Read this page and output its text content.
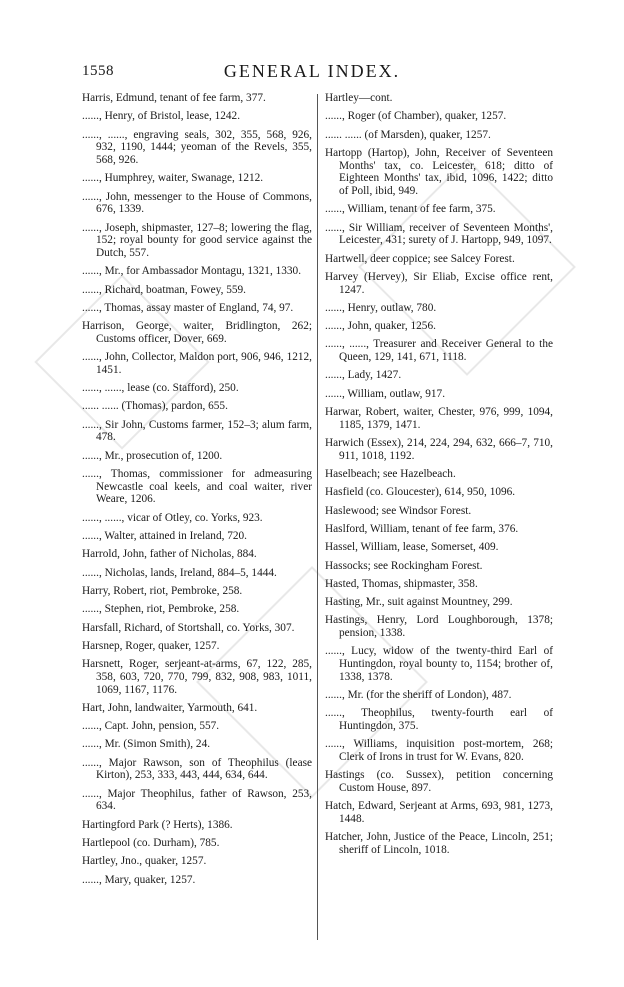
1558	GENERAL INDEX.

Harris, Edmund, tenant of fee farm, 377.

......, Henry, of Bristol, lease, 1242.

......, ......, engraving seals, 302, 355, 568, 926, 932, 1190, 1444; yeoman of the Revels, 355, 568, 926.

......, Humphrey, waiter, Swanage, 1212.

......, John, messenger to the House of Commons, 676, 1339.

......, Joseph, shipmaster, 127–8; lowering the flag, 152; royal bounty for good service against the Dutch, 557.

......, Mr., for Ambassador Montagu, 1321, 1330.

......, Richard, boatman, Fowey, 559.

......, Thomas, assay master of England, 74, 97.

Harrison, George, waiter, Bridlington, 262; Customs officer, Dover, 669.

......, John, Collector, Maldon port, 906, 946, 1212, 1451.

......, ......, lease (co. Stafford), 250.

...... ...... (Thomas), pardon, 655.

......, Sir John, Customs farmer, 152–3; alum farm, 478.

......, Mr., prosecution of, 1200.

......, Thomas, commissioner for admeasuring Newcastle coal keels, and coal waiter, river Weare, 1206.

......, ......, vicar of Otley, co. Yorks, 923.

......, Walter, attained in Ireland, 720.

Harrold, John, father of Nicholas, 884.

......, Nicholas, lands, Ireland, 884–5, 1444.

Harry, Robert, riot, Pembroke, 258.

......, Stephen, riot, Pembroke, 258.

Harsfall, Richard, of Stortshall, co. Yorks, 307.

Harsnep, Roger, quaker, 1257.

Harsnett, Roger, serjeant-at-arms, 67, 122, 285, 358, 603, 720, 770, 799, 832, 908, 983, 1011, 1069, 1167, 1176.

Hart, John, landwaiter, Yarmouth, 641.

......, Capt. John, pension, 557.

......, Mr. (Simon Smith), 24.

......, Major Rawson, son of Theophilus (lease Kirton), 253, 333, 443, 444, 634, 644.

......, Major Theophilus, father of Rawson, 253, 634.

Hartingford Park (? Herts), 1386.

Hartlepool (co. Durham), 785.

Hartley, Jno., quaker, 1257.

......, Mary, quaker, 1257.

Hartley—cont.

......, Roger (of Chamber), quaker, 1257.

...... ...... (of Marsden), quaker, 1257.

Hartopp (Hartop), John, Receiver of Seventeen Months' tax, co. Leicester, 618; ditto of Eighteen Months' tax, ibid, 1096, 1422; ditto of Poll, ibid, 949.

......, William, tenant of fee farm, 375.

......, Sir William, receiver of Seventeen Months', Leicester, 431; surety of J. Hartopp, 949, 1097.

Hartwell, deer coppice; see Salcey Forest.

Harvey (Hervey), Sir Eliab, Excise office rent, 1247.

......, Henry, outlaw, 780.

......, John, quaker, 1256.

......, ......, Treasurer and Receiver General to the Queen, 129, 141, 671, 1118.

......, Lady, 1427.

......, William, outlaw, 917.

Harwar, Robert, waiter, Chester, 976, 999, 1094, 1185, 1379, 1471.

Harwich (Essex), 214, 224, 294, 632, 666–7, 710, 911, 1018, 1192.

Haselbeach; see Hazelbeach.

Hasfield (co. Gloucester), 614, 950, 1096.

Haslewood; see Windsor Forest.

Haslford, William, tenant of fee farm, 376.

Hassel, William, lease, Somerset, 409.

Hassocks; see Rockingham Forest.

Hasted, Thomas, shipmaster, 358.

Hasting, Mr., suit against Mountney, 299.

Hastings, Henry, Lord Loughborough, 1378; pension, 1338.

......, Lucy, widow of the twenty-third Earl of Huntingdon, royal bounty to, 1154; brother of, 1338, 1378.

......, Mr. (for the sheriff of London), 487.

......, Theophilus, twenty-fourth earl of Huntingdon, 375.

......, Williams, inquisition post-mortem, 268; Clerk of Irons in trust for W. Evans, 820.

Hastings (co. Sussex), petition concerning Custom House, 897.

Hatch, Edward, Serjeant at Arms, 693, 981, 1273, 1448.

Hatcher, John, Justice of the Peace, Lincoln, 251; sheriff of Lincoln, 1018.
